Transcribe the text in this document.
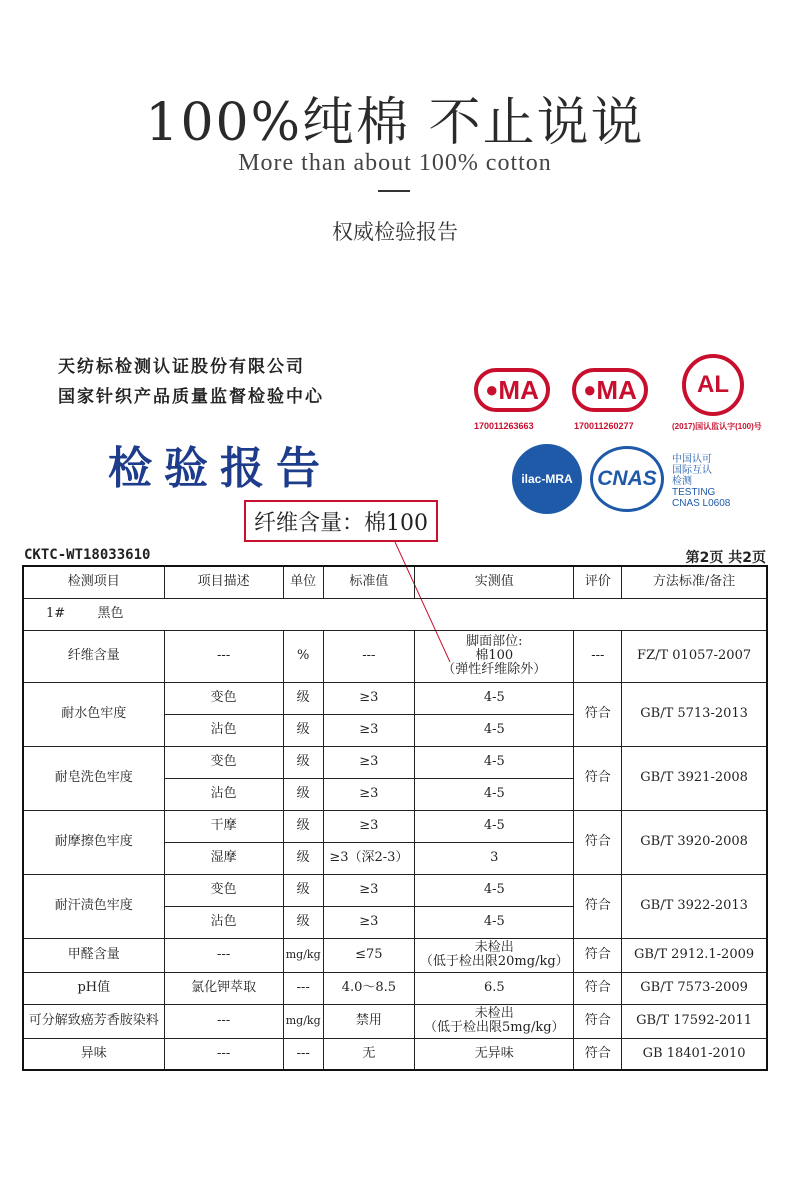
100%纯棉 不止说说
More than about 100% cotton
权威检验报告
天纺标检测认证股份有限公司
国家针织产品质量监督检验中心
检验报告
● MA
170011263663
● MA
170011260277
AL
(2017)国认监认字(100)号
ilac-MRA CNAS
中国认可
国际互认
检测
TESTING
CNAS L0608
纤维含量：棉100
CKTC-WT18033610	第2页 共2页
检测项目	项目描述	单位	标准值	实测值	评价	方法标准/备注
1# 黑色						
纤维含量	---	%	---	脚面部位:
棉100
（弹性纤维除外）	---	FZ/T 01057-2007
耐水色牢度	变色	级	≥3	4-5	符合	GB/T 5713-2013
	沾色	级	≥3	4-5		
耐皂洗色牢度	变色	级	≥3	4-5	符合	GB/T 3921-2008
	沾色	级	≥3	4-5		
耐摩擦色牢度	干摩	级	≥3	4-5	符合	GB/T 3920-2008
	湿摩	级	≥3（深2-3）	3		
耐汗渍色牢度	变色	级	≥3	4-5	符合	GB/T 3922-2013
	沾色	级	≥3	4-5		
甲醛含量	---	mg/kg	≤75	未检出
（低于检出限20mg/kg）	符合	GB/T 2912.1-2009
pH值	氯化钾萃取	---	4.0～8.5	6.5	符合	GB/T 7573-2009
可分解致癌芳香胺染料	---	mg/kg	禁用	未检出
（低于检出限5mg/kg）	符合	GB/T 17592-2011
异味	---	---	无	无异味	符合	GB 18401-2010
